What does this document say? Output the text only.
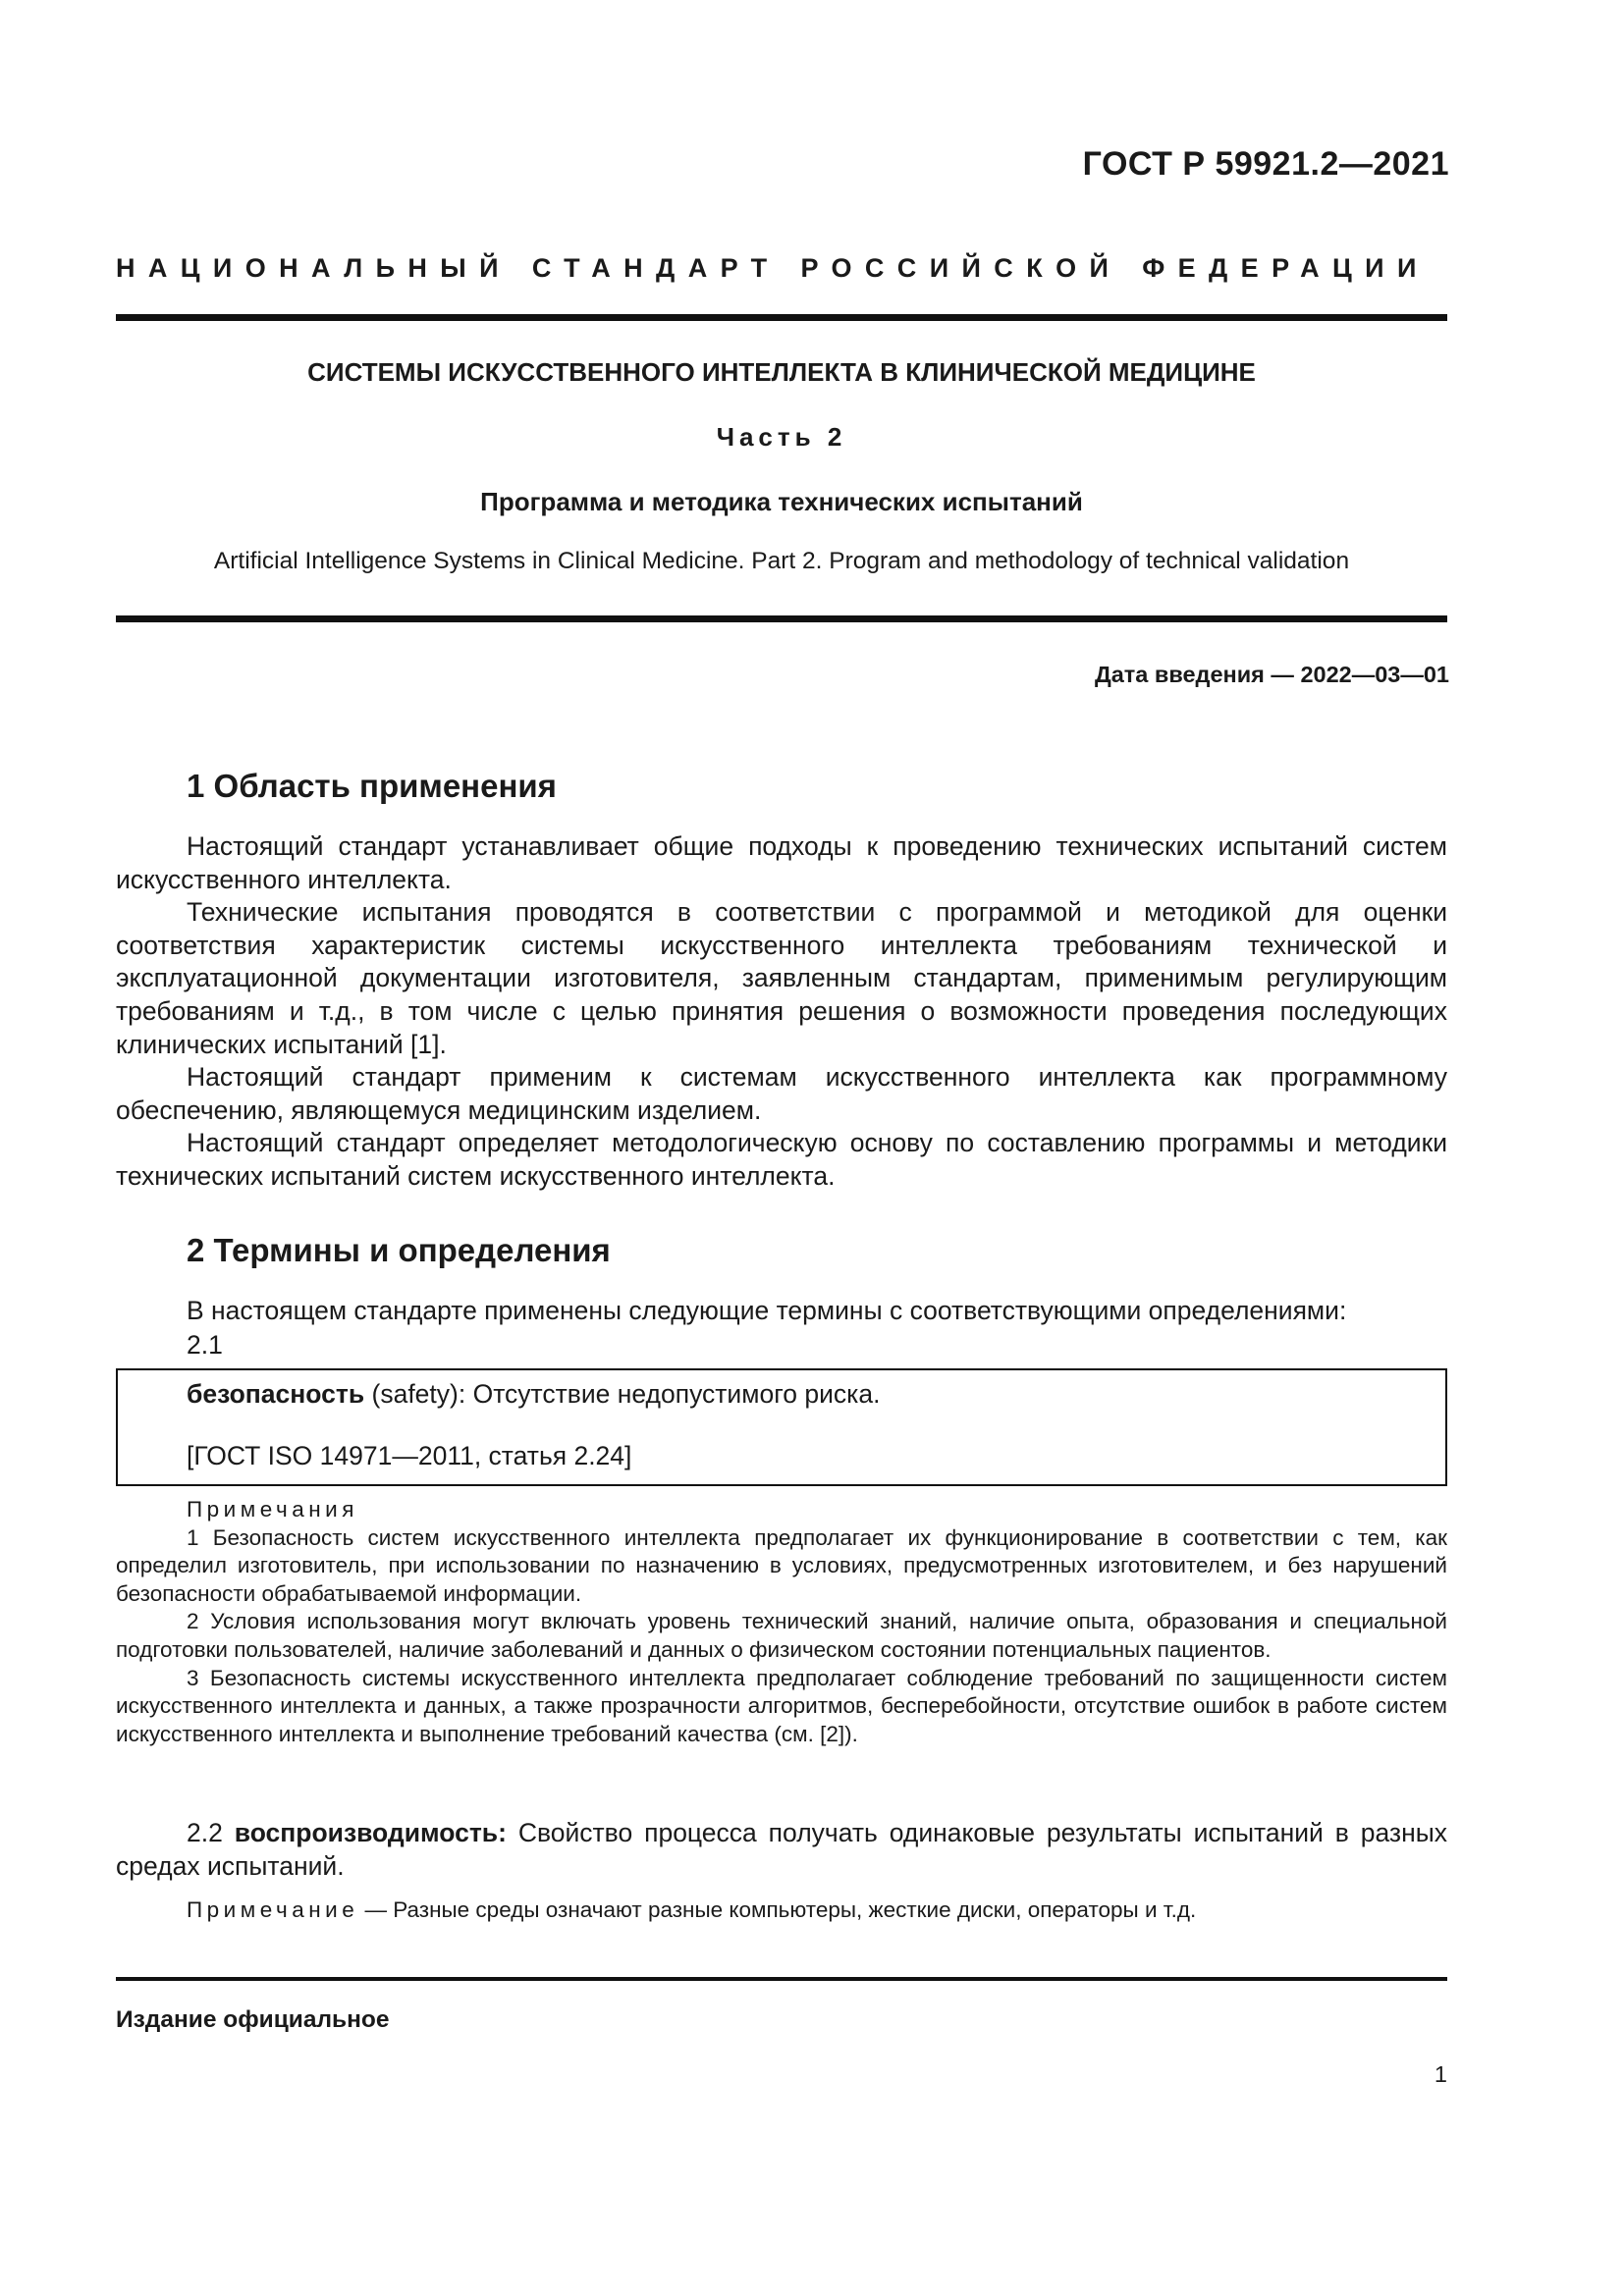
ГОСТ Р 59921.2—2021
НАЦИОНАЛЬНЫЙ СТАНДАРТ РОССИЙСКОЙ ФЕДЕРАЦИИ
СИСТЕМЫ ИСКУССТВЕННОГО ИНТЕЛЛЕКТА В КЛИНИЧЕСКОЙ МЕДИЦИНЕ
Часть 2
Программа и методика технических испытаний
Artificial Intelligence Systems in Clinical Medicine. Part 2. Program and methodology of technical validation
Дата введения — 2022—03—01
1 Область применения

Настоящий стандарт устанавливает общие подходы к проведению технических испытаний систем искусственного интеллекта.

Технические испытания проводятся в соответствии с программой и методикой для оценки соответствия характеристик системы искусственного интеллекта требованиям технической и эксплуатационной документации изготовителя, заявленным стандартам, применимым регулирующим требованиям и т.д., в том числе с целью принятия решения о возможности проведения последующих клинических испытаний [1].

Настоящий стандарт применим к системам искусственного интеллекта как программному обеспечению, являющемуся медицинским изделием.

Настоящий стандарт определяет методологическую основу по составлению программы и методики технических испытаний систем искусственного интеллекта.

2 Термины и определения
В настоящем стандарте применены следующие термины с соответствующими определениями:
2.1
безопасность (safety): Отсутствие недопустимого риска.
[ГОСТ ISO 14971—2011, статья 2.24]

Примечания

1 Безопасность систем искусственного интеллекта предполагает их функционирование в соответствии с тем, как определил изготовитель, при использовании по назначению в условиях, предусмотренных изготовителем, и без нарушений безопасности обрабатываемой информации.

2 Условия использования могут включать уровень технический знаний, наличие опыта, образования и специальной подготовки пользователей, наличие заболеваний и данных о физическом состоянии потенциальных пациентов.

3 Безопасность системы искусственного интеллекта предполагает соблюдение требований по защищенности систем искусственного интеллекта и данных, а также прозрачности алгоритмов, бесперебойности, отсутствие ошибок в работе систем искусственного интеллекта и выполнение требований качества (см. [2]).

2.2 воспроизводимость: Свойство процесса получать одинаковые результаты испытаний в разных средах испытаний.

Примечание — Разные среды означают разные компьютеры, жесткие диски, операторы и т.д.

Издание официальное
1
